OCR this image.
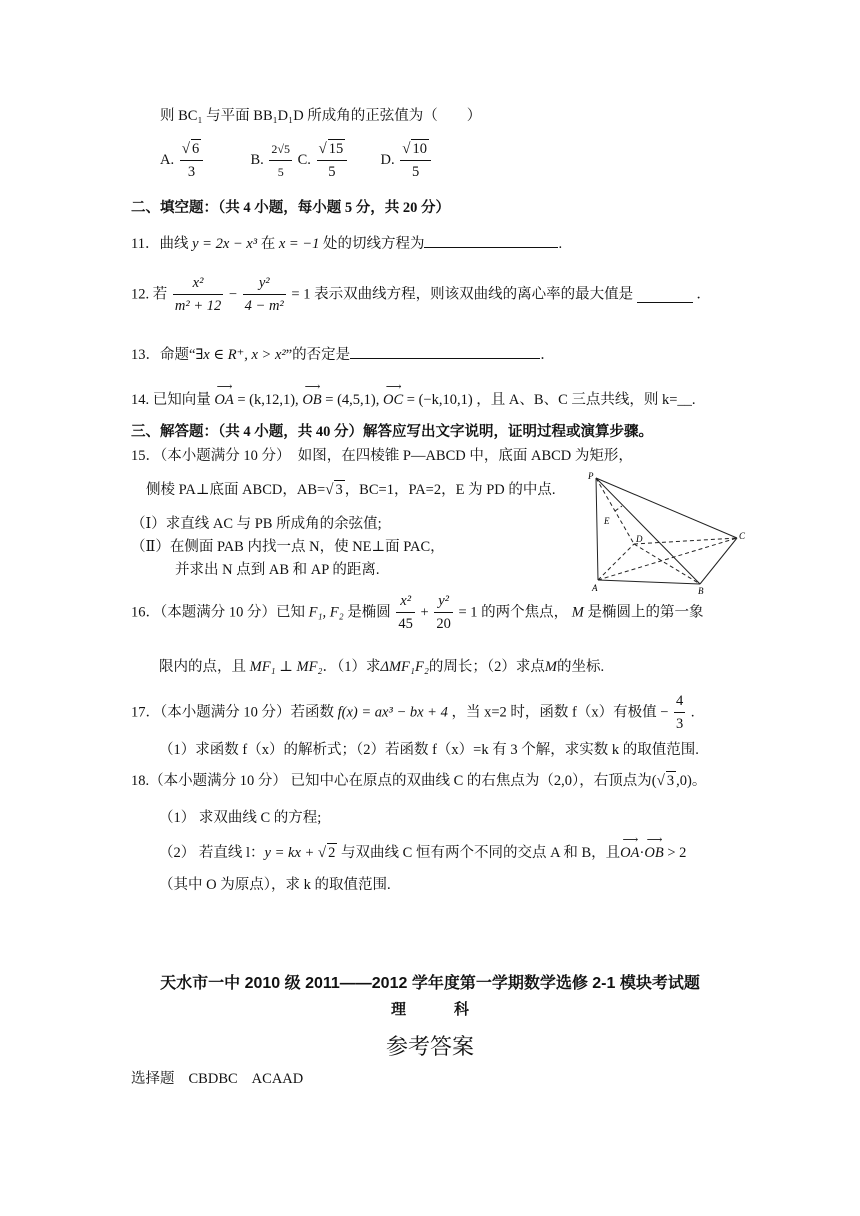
则 BC₁ 与平面 BB₁D₁D 所成角的正弦值为（　　）
A. $\frac{√ 6}{3}$	B. $\frac{2√5}{5} C$. $\frac{√ 15}{5} D$. $\frac{√ 10}{5}$
二、填空题：（共 4 小题，每小题 5 分，共 20 分）
11．曲线 y = 2x − x³ 在 x = −1 处的切线方程为	.
12. 若 $\frac{\text{x²}}{\text{m² + 12}} - \frac{\text{y²}}{\text{4 − m²}} = 1$ 表示双曲线方程，则该双曲线的离心率的最大值是	．
13．命题“∃x ∈ R⁺, x > x²”的否定是	．
14. 已知向量 ⟶ OA = (k,12,1), ⟶ OB = (4,5,1), ⟶ OC = (−k,10,1) ，且 A、B、C 三点共线，则 k=__.
三、解答题：（共 4 小题，共 40 分）解答应写出文字说明，证明过程或演算步骤。
15．（本小题满分 10 分）　如图，在四棱锥 P—ABCD 中，底面 ABCD 为矩形，
侧棱 PA⊥底面 ABCD，AB=√ 3 ，BC=1，PA=2，E 为 PD 的中点.
（Ⅰ）求直线 AC 与 PB 所成角的余弦值;
（Ⅱ）在侧面 PAB 内找一点 N，使 NE⊥面 PAC，
并求出 N 点到 AB 和 AP 的距离.
P
E
D	C
A	B
16．（本题满分 10 分）已知 F₁, F₂ 是椭圆 $\frac{\text{x²}}{45} + \frac{\text{y²}}{20} = 1$ 的两个焦点， M 是椭圆上的第一象
限内的点，且 MF₁ ⊥ MF₂．（1）求ΔMF₁F₂的周长；（2）求点M的坐标.
17．（本小题满分 10 分）若函数 f(x) = ax³ − bx + 4 ，当 x=2 时，函数 f（x）有极值 − $\frac{4}{3}$ .
（1）求函数 f（x）的解析式；（2）若函数 f（x）=k 有 3 个解，求实数 k 的取值范围.
18.（本小题满分 10 分） 已知中心在原点的双曲线 C 的右焦点为（2,0），右顶点为(√ 3 ,0)。
（1） 求双曲线 C 的方程;
（2） 若直线 l：y = kx + √ 2 与双曲线 C 恒有两个不同的交点 A 和 B，且⟶ OA·⟶ OB > 2
（其中 O 为原点），求 k 的取值范围.
天水市一中 2010 级 2011——2012 学年度第一学期数学选修 2-1 模块考试题
理	科
参考答案
选择题 CBDBC ACAAD
